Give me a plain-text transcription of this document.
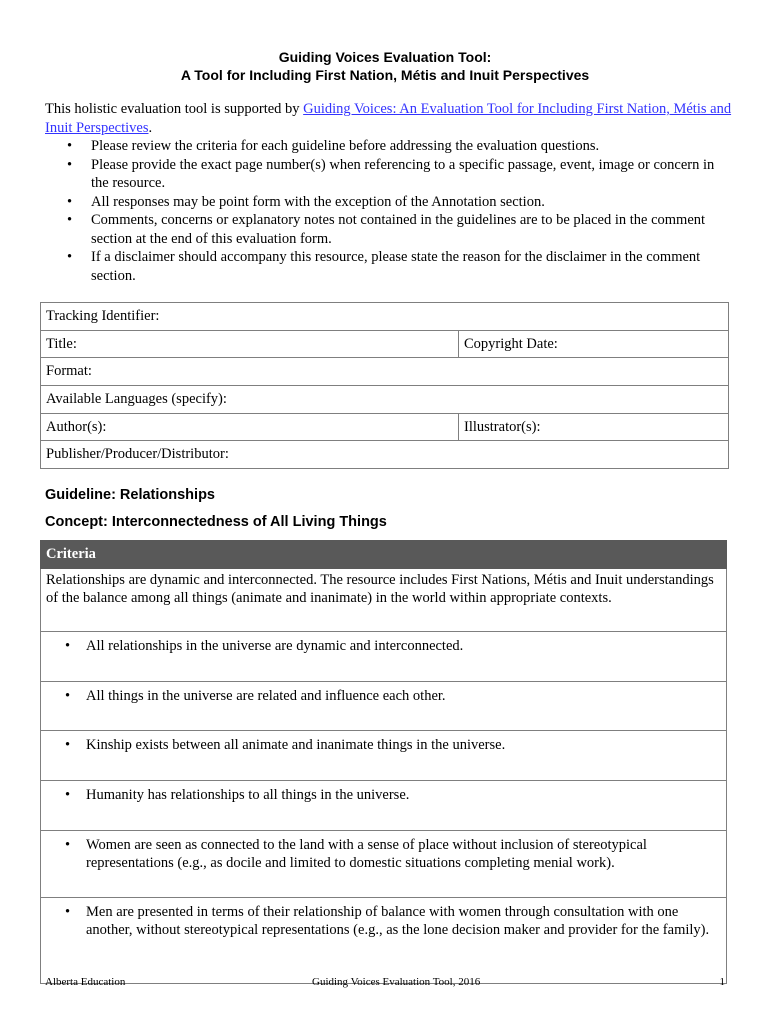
Guiding Voices Evaluation Tool:
A Tool for Including First Nation, Métis and Inuit Perspectives
This holistic evaluation tool is supported by Guiding Voices: An Evaluation Tool for Including First Nation, Métis and Inuit Perspectives.
• Please review the criteria for each guideline before addressing the evaluation questions.
• Please provide the exact page number(s) when referencing to a specific passage, event, image or concern in the resource.
• All responses may be point form with the exception of the Annotation section.
• Comments, concerns or explanatory notes not contained in the guidelines are to be placed in the comment section at the end of this evaluation form.
• If a disclaimer should accompany this resource, please state the reason for the disclaimer in the comment section.
Tracking Identifier:	
Title:	Copyright Date:
Format:	
Available Languages (specify):	
Author(s):	Illustrator(s):
Publisher/Producer/Distributor:	
Guideline: Relationships
Concept: Interconnectedness of All Living Things
Criteria
Relationships are dynamic and interconnected. The resource includes First Nations, Métis and Inuit understandings of the balance among all things (animate and inanimate) in the world within appropriate contexts.

• All relationships in the universe are dynamic and interconnected.

• All things in the universe are related and influence each other.

• Kinship exists between all animate and inanimate things in the universe.

• Humanity has relationships to all things in the universe.

• Women are seen as connected to the land with a sense of place without inclusion of stereotypical representations (e.g., as docile and limited to domestic situations completing menial work).

• Men are presented in terms of their relationship of balance with women through consultation with one another, without stereotypical representations (e.g., as the lone decision maker and provider for the family).
Alberta Education	Guiding Voices Evaluation Tool, 2016	1
